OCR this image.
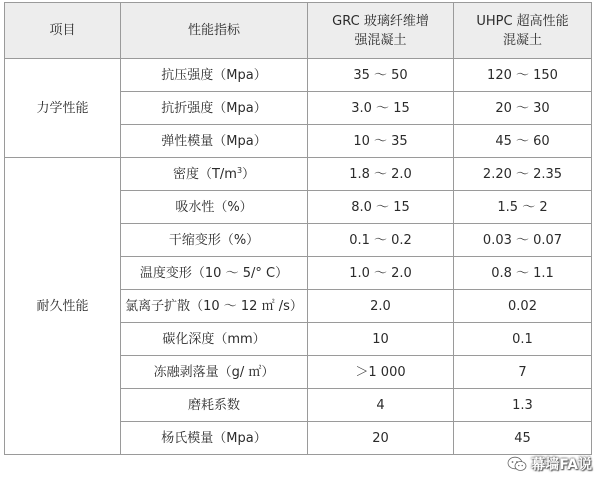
项目	性能指标	GRC 玻璃纤维增强混凝土	UHPC 超高性能混凝土
力学性能	抗压强度（Mpa）	35 ～ 50	120 ～ 150
	抗折强度（Mpa）	3.0 ～ 15	20 ～ 30
	弹性模量（Mpa）	10 ～ 35	45 ～ 60
耐久性能	密度$(T/m^3)$	1.8 ～ 2.0	2.20 ～ 2.35
	吸水性（%）	8.0 ～ 15	1.5 ～ 2
	干缩变形（%）	0.1 ～ 0.2	0.03 ～ 0.07
	温度变形（10 ～ 5/° C）	1.0 ～ 2.0	0.8 ～ 1.1
	氯离子扩散（10 ～ 12 ㎡ /s）	2.0	0.02
	碳化深度（mm）	10	0.1
	冻融剥落量（g/ ㎡）	＞1 000	7
	磨耗系数	4	1.3
	杨氏模量（Mpa）	20	45
幕墙FA说
